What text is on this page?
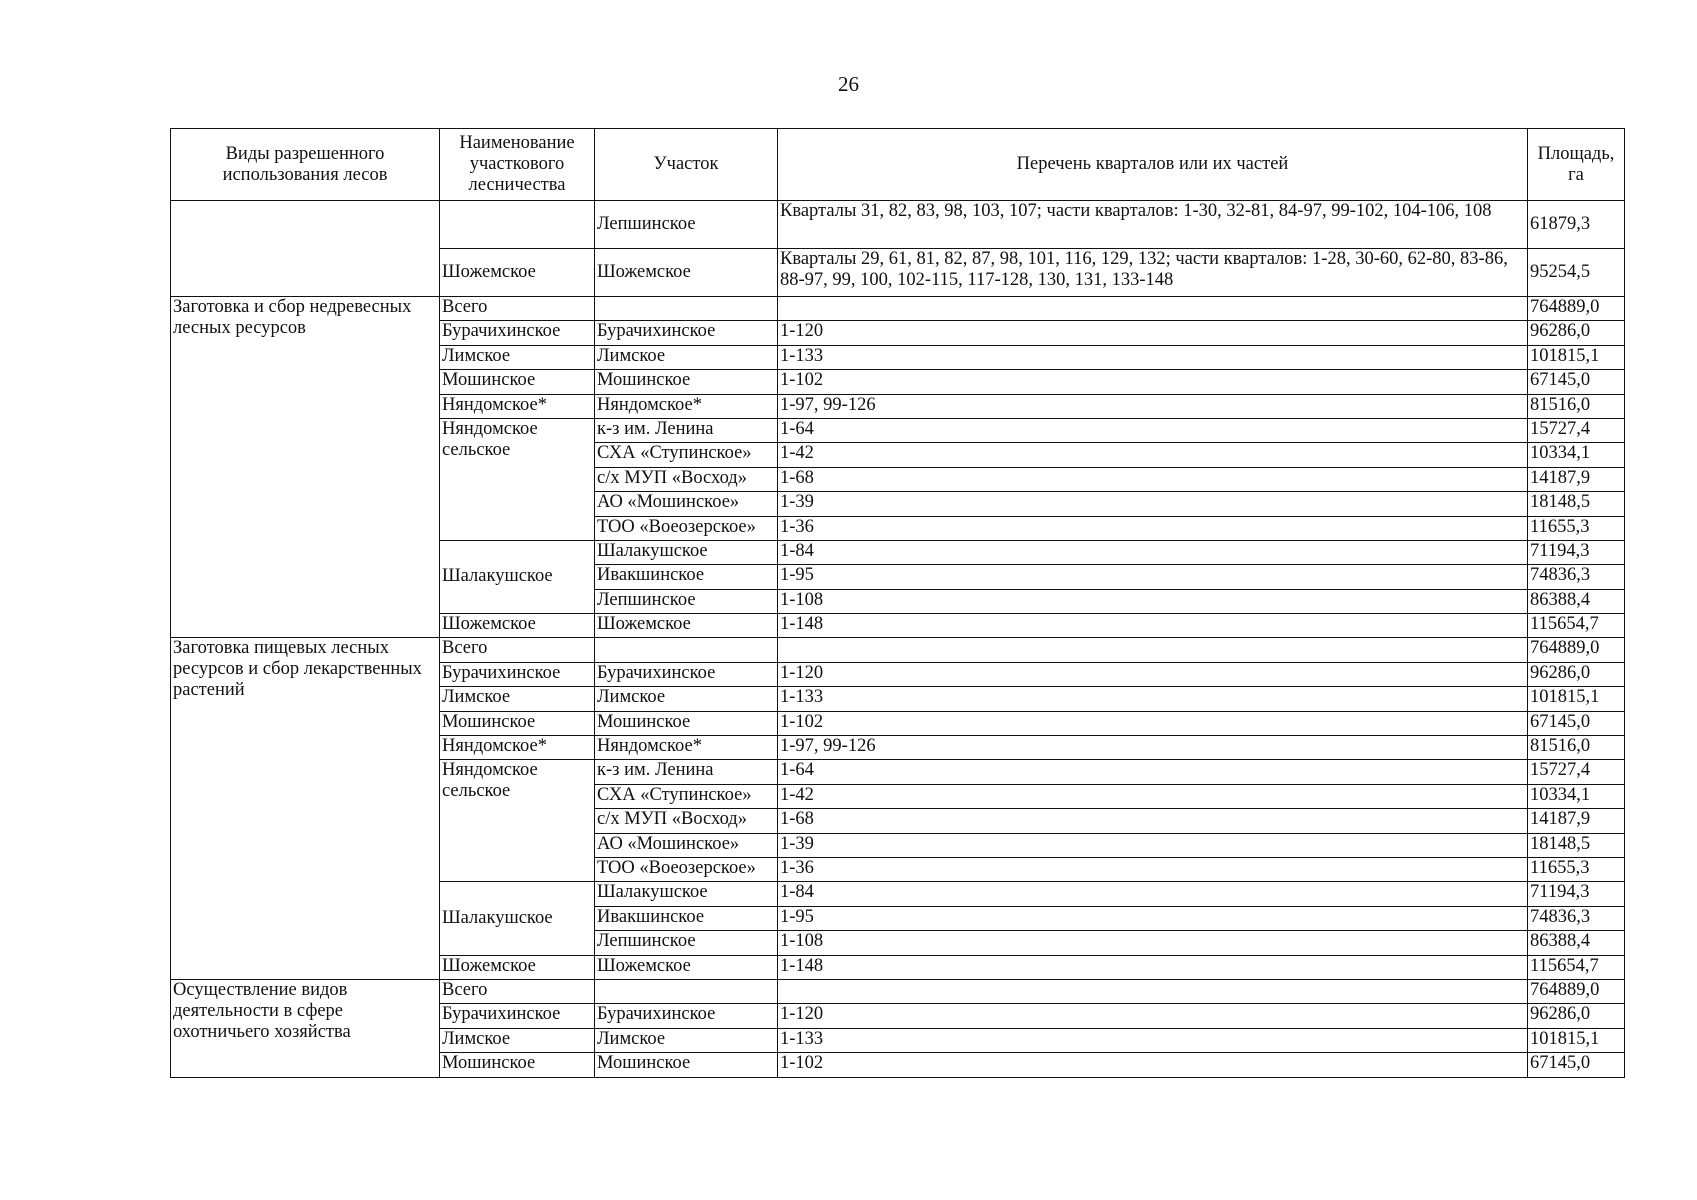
26
Виды разрешенного использования лесов	Наименование участкового лесничества	Участок	Перечень кварталов или их частей	Площадь, га
		Лепшинское	Кварталы 31, 82, 83, 98, 103, 107; части кварталов: 1-30, 32-81, 84-97, 99-102, 104-106, 108	61879,3
	Шожемское	Шожемское	Кварталы 29, 61, 81, 82, 87, 98, 101, 116, 129, 132; части кварталов: 1-28, 30-60, 62-80, 83-86, 88-97, 99, 100, 102-115, 117-128, 130, 131, 133-148	95254,5
Заготовка и сбор недревесных лесных ресурсов	Всего			764889,0
	Бурачихинское	Бурачихинское	1-120	96286,0
	Лимское	Лимское	1-133	101815,1
	Мошинское	Мошинское	1-102	67145,0
	Няндомское*	Няндомское*	1-97, 99-126	81516,0
	Няндомское сельское	к-з им. Ленина	1-64	15727,4
		СХА «Ступинское»	1-42	10334,1
		с/х МУП «Восход»	1-68	14187,9
		АО «Мошинское»	1-39	18148,5
		ТОО «Воеозерское»	1-36	11655,3
	Шалакушское	Шалакушское	1-84	71194,3
		Ивакшинское	1-95	74836,3
		Лепшинское	1-108	86388,4
	Шожемское	Шожемское	1-148	115654,7
Заготовка пищевых лесных ресурсов и сбор лекарственных растений	Всего			764889,0
	Бурачихинское	Бурачихинское	1-120	96286,0
	Лимское	Лимское	1-133	101815,1
	Мошинское	Мошинское	1-102	67145,0
	Няндомское*	Няндомское*	1-97, 99-126	81516,0
	Няндомское сельское	к-з им. Ленина	1-64	15727,4
		СХА «Ступинское»	1-42	10334,1
		с/х МУП «Восход»	1-68	14187,9
		АО «Мошинское»	1-39	18148,5
		ТОО «Воеозерское»	1-36	11655,3
	Шалакушское	Шалакушское	1-84	71194,3
		Ивакшинское	1-95	74836,3
		Лепшинское	1-108	86388,4
	Шожемское	Шожемское	1-148	115654,7
Осуществление видов деятельности в сфере охотничьего хозяйства	Всего			764889,0
	Бурачихинское	Бурачихинское	1-120	96286,0
	Лимское	Лимское	1-133	101815,1
	Мошинское	Мошинское	1-102	67145,0
